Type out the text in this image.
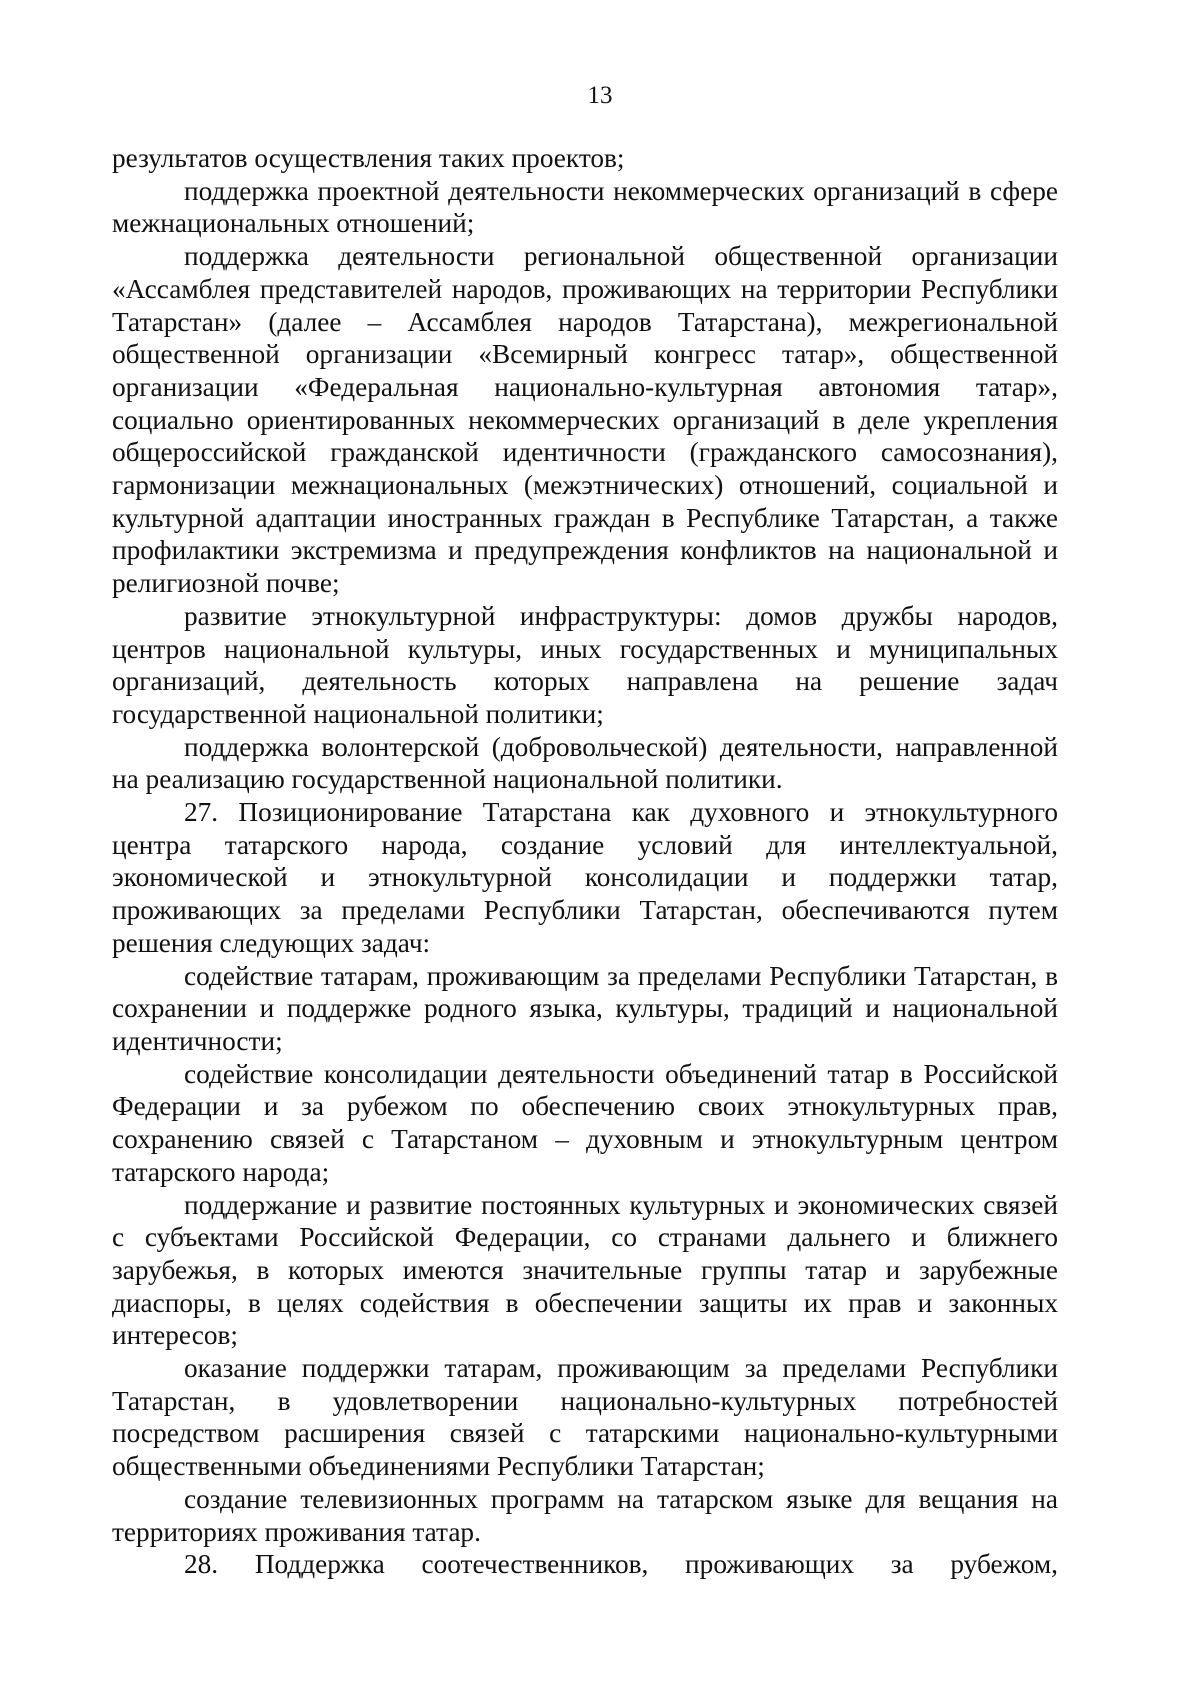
13

результатов осуществления таких проектов;

поддержка проектной деятельности некоммерческих организаций в сфере межнациональных отношений;

поддержка деятельности региональной общественной организации «Ассамблея представителей народов, проживающих на территории Республики Татарстан» (далее – Ассамблея народов Татарстана), межрегиональной общественной организации «Всемирный конгресс татар», общественной организации «Федеральная национально-культурная автономия татар», социально ориентированных некоммерческих организаций в деле укрепления общероссийской гражданской идентичности (гражданского самосознания), гармонизации межнациональных (межэтнических) отношений, социальной и культурной адаптации иностранных граждан в Республике Татарстан, а также профилактики экстремизма и предупреждения конфликтов на национальной и религиозной почве;

развитие этнокультурной инфраструктуры: домов дружбы народов, центров национальной культуры, иных государственных и муниципальных организаций, деятельность которых направлена на решение задач государственной национальной политики;

поддержка волонтерской (добровольческой) деятельности, направленной на реализацию государственной национальной политики.

27. Позиционирование Татарстана как духовного и этнокультурного центра татарского народа, создание условий для интеллектуальной, экономической и этнокультурной консолидации и поддержки татар, проживающих за пределами Республики Татарстан, обеспечиваются путем решения следующих задач:

содействие татарам, проживающим за пределами Республики Татарстан, в сохранении и поддержке родного языка, культуры, традиций и национальной идентичности;

содействие консолидации деятельности объединений татар в Российской Федерации и за рубежом по обеспечению своих этнокультурных прав, сохранению связей с Татарстаном – духовным и этнокультурным центром татарского народа;

поддержание и развитие постоянных культурных и экономических связей с субъектами Российской Федерации, со странами дальнего и ближнего зарубежья, в которых имеются значительные группы татар и зарубежные диаспоры, в целях содействия в обеспечении защиты их прав и законных интересов;

оказание поддержки татарам, проживающим за пределами Республики Татарстан, в удовлетворении национально-культурных потребностей посредством расширения связей с татарскими национально-культурными общественными объединениями Республики Татарстан;

создание телевизионных программ на татарском языке для вещания на территориях проживания татар.

28. Поддержка соотечественников, проживающих за рубежом,
